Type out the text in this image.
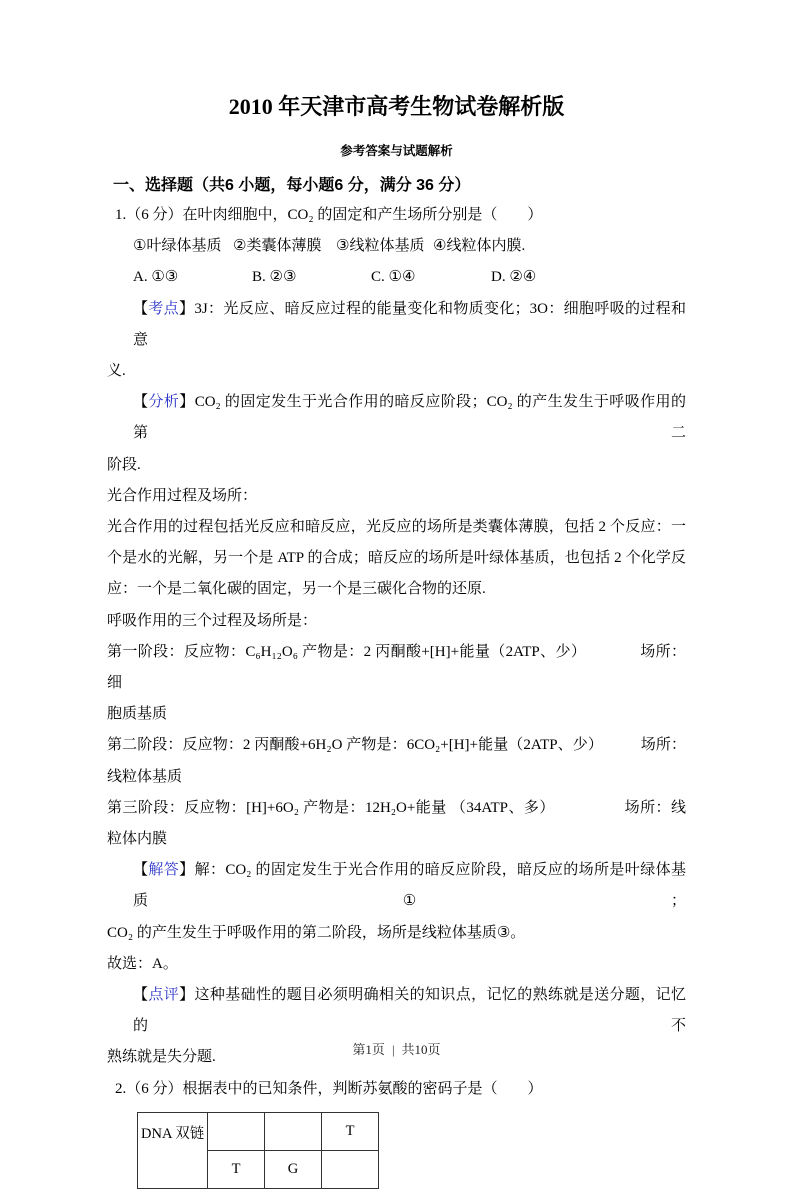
2010 年天津市高考生物试卷解析版
参考答案与试题解析
一、选择题（共6 小题，每小题6 分，满分 36 分）
1.（6 分）在叶肉细胞中，CO₂ 的固定和产生场所分别是（　　）
①叶绿体基质 ②类囊体薄膜 ③线粒体基质 ④线粒体内膜.
A. ①③	B. ②③	C. ①④	D. ②④
【考点】3J：光反应、暗反应过程的能量变化和物质变化；3O：细胞呼吸的过程和意
义.
【分析】CO₂ 的固定发生于光合作用的暗反应阶段；CO₂ 的产生发生于呼吸作用的第二
阶段.
光合作用过程及场所：
光合作用的过程包括光反应和暗反应，光反应的场所是类囊体薄膜，包括 2 个反应：一
个是水的光解，另一个是 ATP 的合成；暗反应的场所是叶绿体基质，也包括 2 个化学反
应：一个是二氧化碳的固定，另一个是三碳化合物的还原.
呼吸作用的三个过程及场所是：
第一阶段：反应物：C₆H₁₂O₆ 产物是：2 丙酮酸+[H]+能量（2ATP、少）　　　　场所：细
胞质基质
第二阶段：反应物：2 丙酮酸+6H₂O 产物是：6CO₂+[H]+能量（2ATP、少）　　　场所：
线粒体基质
第三阶段：反应物：[H]+6O₂ 产物是：12H₂O+能量 （34ATP、多）　　　　　场所：线
粒体内膜
【解答】解：CO₂ 的固定发生于光合作用的暗反应阶段，暗反应的场所是叶绿体基质①；
CO₂ 的产生发生于呼吸作用的第二阶段，场所是线粒体基质③。
故选：A。
【点评】这种基础性的题目必须明确相关的知识点，记忆的熟练就是送分题，记忆的不
熟练就是失分题.
2.（6 分）根据表中的已知条件，判断苏氨酸的密码子是（　　）
DNA 双链			T
	T	G	
第1页 | 共10页
